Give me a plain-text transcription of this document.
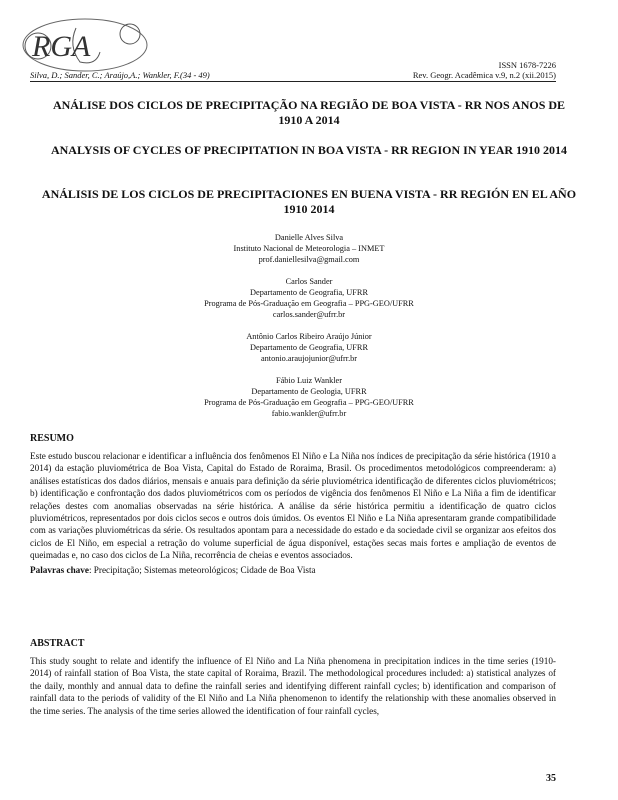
RGA
ISSN 1678-7226
Silva, D.; Sander, C.; Araújo,A.; Wankler, F.(34 - 49)	Rev. Geogr. Acadêmica v.9, n.2 (xii.2015)
ANÁLISE DOS CICLOS DE PRECIPITAÇÃO NA REGIÃO DE BOA VISTA - RR NOS ANOS DE 1910 A 2014
ANALYSIS OF CYCLES OF PRECIPITATION IN BOA VISTA - RR REGION IN YEAR 1910 2014
ANÁLISIS DE LOS CICLOS DE PRECIPITACIONES EN BUENA VISTA - RR REGIÓN EN EL AÑO 1910 2014
Danielle Alves Silva
Instituto Nacional de Meteorologia – INMET
prof.daniellesilva@gmail.com
Carlos Sander
Departamento de Geografia, UFRR
Programa de Pós-Graduação em Geografia – PPG-GEO/UFRR
carlos.sander@ufrr.br
Antônio Carlos Ribeiro Araújo Júnior
Departamento de Geografia, UFRR
antonio.araujojunior@ufrr.br
Fábio Luiz Wankler
Departamento de Geologia, UFRR
Programa de Pós-Graduação em Geografia – PPG-GEO/UFRR
fabio.wankler@ufrr.br
RESUMO

Este estudo buscou relacionar e identificar a influência dos fenômenos El Niño e La Niña nos índices de precipitação da série histórica (1910 a 2014) da estação pluviométrica de Boa Vista, Capital do Estado de Roraima, Brasil. Os procedimentos metodológicos compreenderam: a) análises estatísticas dos dados diários, mensais e anuais para definição da série pluviométrica identificação de diferentes ciclos pluviométricos; b) identificação e confrontação dos dados pluviométricos com os períodos de vigência dos fenômenos El Niño e La Niña a fim de identificar relações destes com anomalias observadas na série histórica. A análise da série histórica permitiu a identificação de quatro ciclos pluviométricos, representados por dois ciclos secos e outros dois úmidos. Os eventos El Niño e La Niña apresentaram grande compatibilidade com as variações pluviométricas da série. Os resultados apontam para a necessidade do estado e da sociedade civil se organizar aos efeitos dos ciclos de El Niño, em especial a retração do volume superficial de água disponível, estações secas mais fortes e ampliação de eventos de queimadas e, no caso dos ciclos de La Niña, recorrência de cheias e eventos associados.

Palavras chave: Precipitação; Sistemas meteorológicos; Cidade de Boa Vista
ABSTRACT

This study sought to relate and identify the influence of El Niño and La Niña phenomena in precipitation indices in the time series (1910-2014) of rainfall station of Boa Vista, the state capital of Roraima, Brazil. The methodological procedures included: a) statistical analyzes of the daily, monthly and annual data to define the rainfall series and identifying different rainfall cycles; b) identification and comparison of rainfall data to the periods of validity of the El Niño and La Niña phenomenon to identify the relationship with these anomalies observed in the time series. The analysis of the time series allowed the identification of four rainfall cycles,

35
